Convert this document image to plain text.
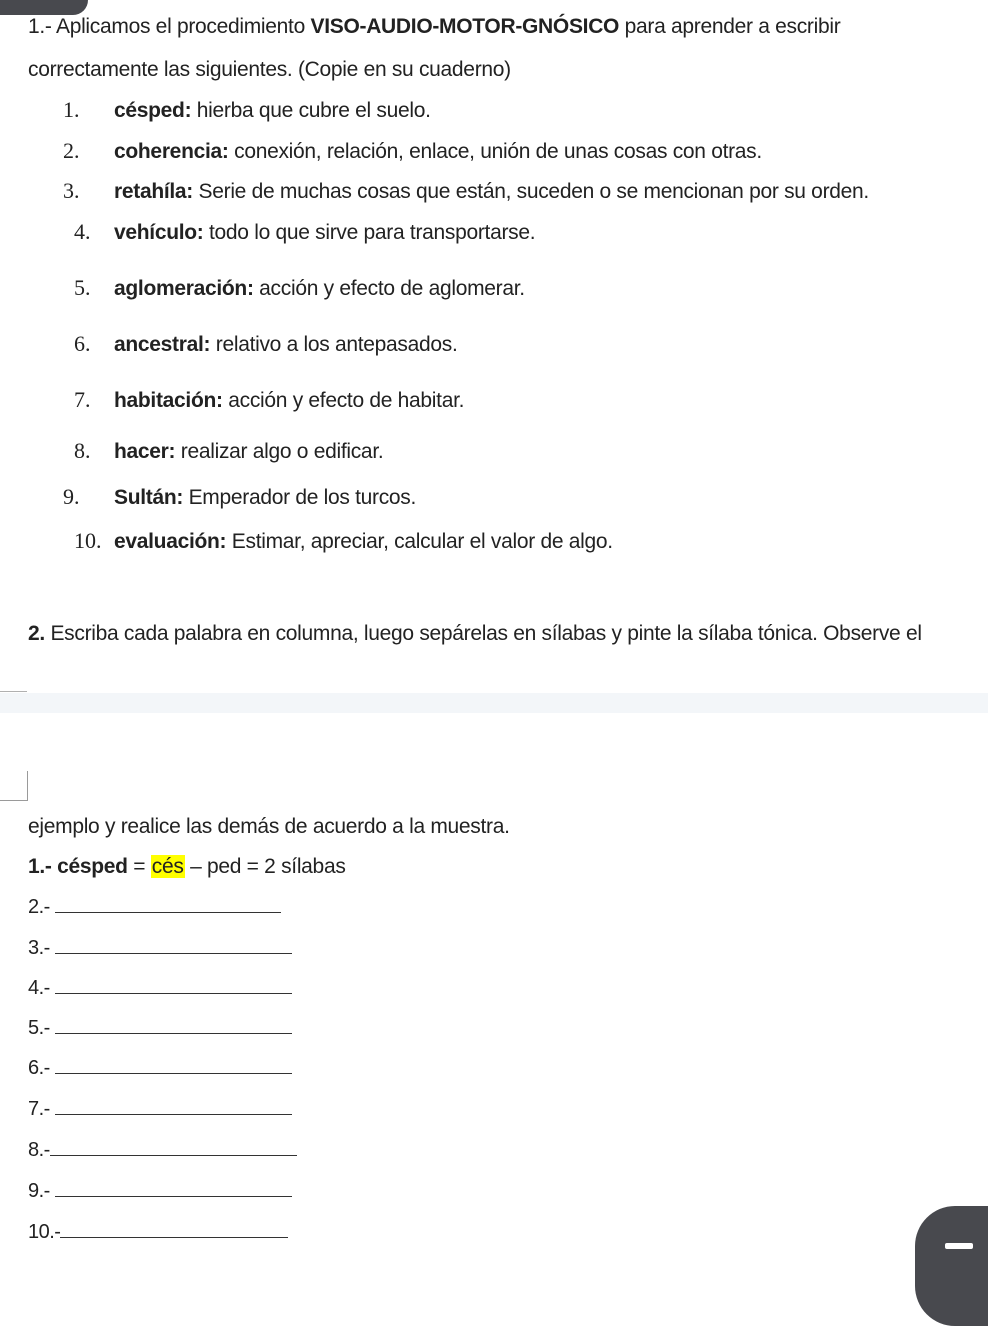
1.- Aplicamos el procedimiento VISO-AUDIO-MOTOR-GNÓSICO para aprender a escribir
correctamente las siguientes. (Copie en su cuaderno)
1. césped: hierba que cubre el suelo.
2. coherencia: conexión, relación, enlace, unión de unas cosas con otras.
3. retahíla: Serie de muchas cosas que están, suceden o se mencionan por su orden.
4. vehículo: todo lo que sirve para transportarse.
5. aglomeración: acción y efecto de aglomerar.
6. ancestral: relativo a los antepasados.
7. habitación: acción y efecto de habitar.
8. hacer: realizar algo o edificar.
9. Sultán: Emperador de los turcos.
10. evaluación: Estimar, apreciar, calcular el valor de algo.
2. Escriba cada palabra en columna, luego sepárelas en sílabas y pinte la sílaba tónica. Observe el
ejemplo y realice las demás de acuerdo a la muestra.
1.- césped = cés – ped = 2 sílabas
2.-
3.-
4.-
5.-
6.-
7.-
8.-
9.-
10.-
